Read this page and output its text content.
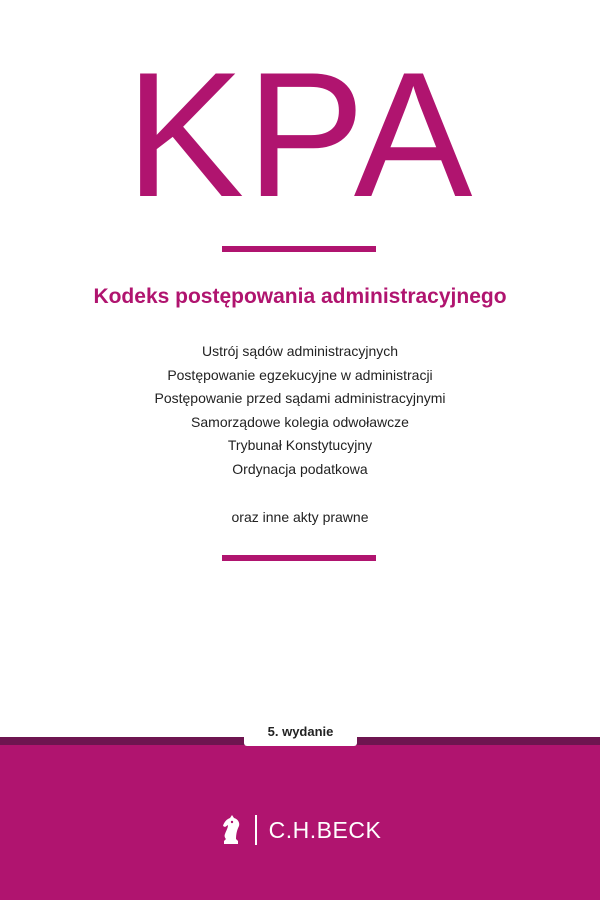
KPA
Kodeks postępowania administracyjnego
Ustrój sądów administracyjnych
Postępowanie egzekucyjne w administracji
Postępowanie przed sądami administracyjnymi
Samorządowe kolegia odwoławcze
Trybunał Konstytucyjny
Ordynacja podatkowa
oraz inne akty prawne
5. wydanie
C.H.BECK
